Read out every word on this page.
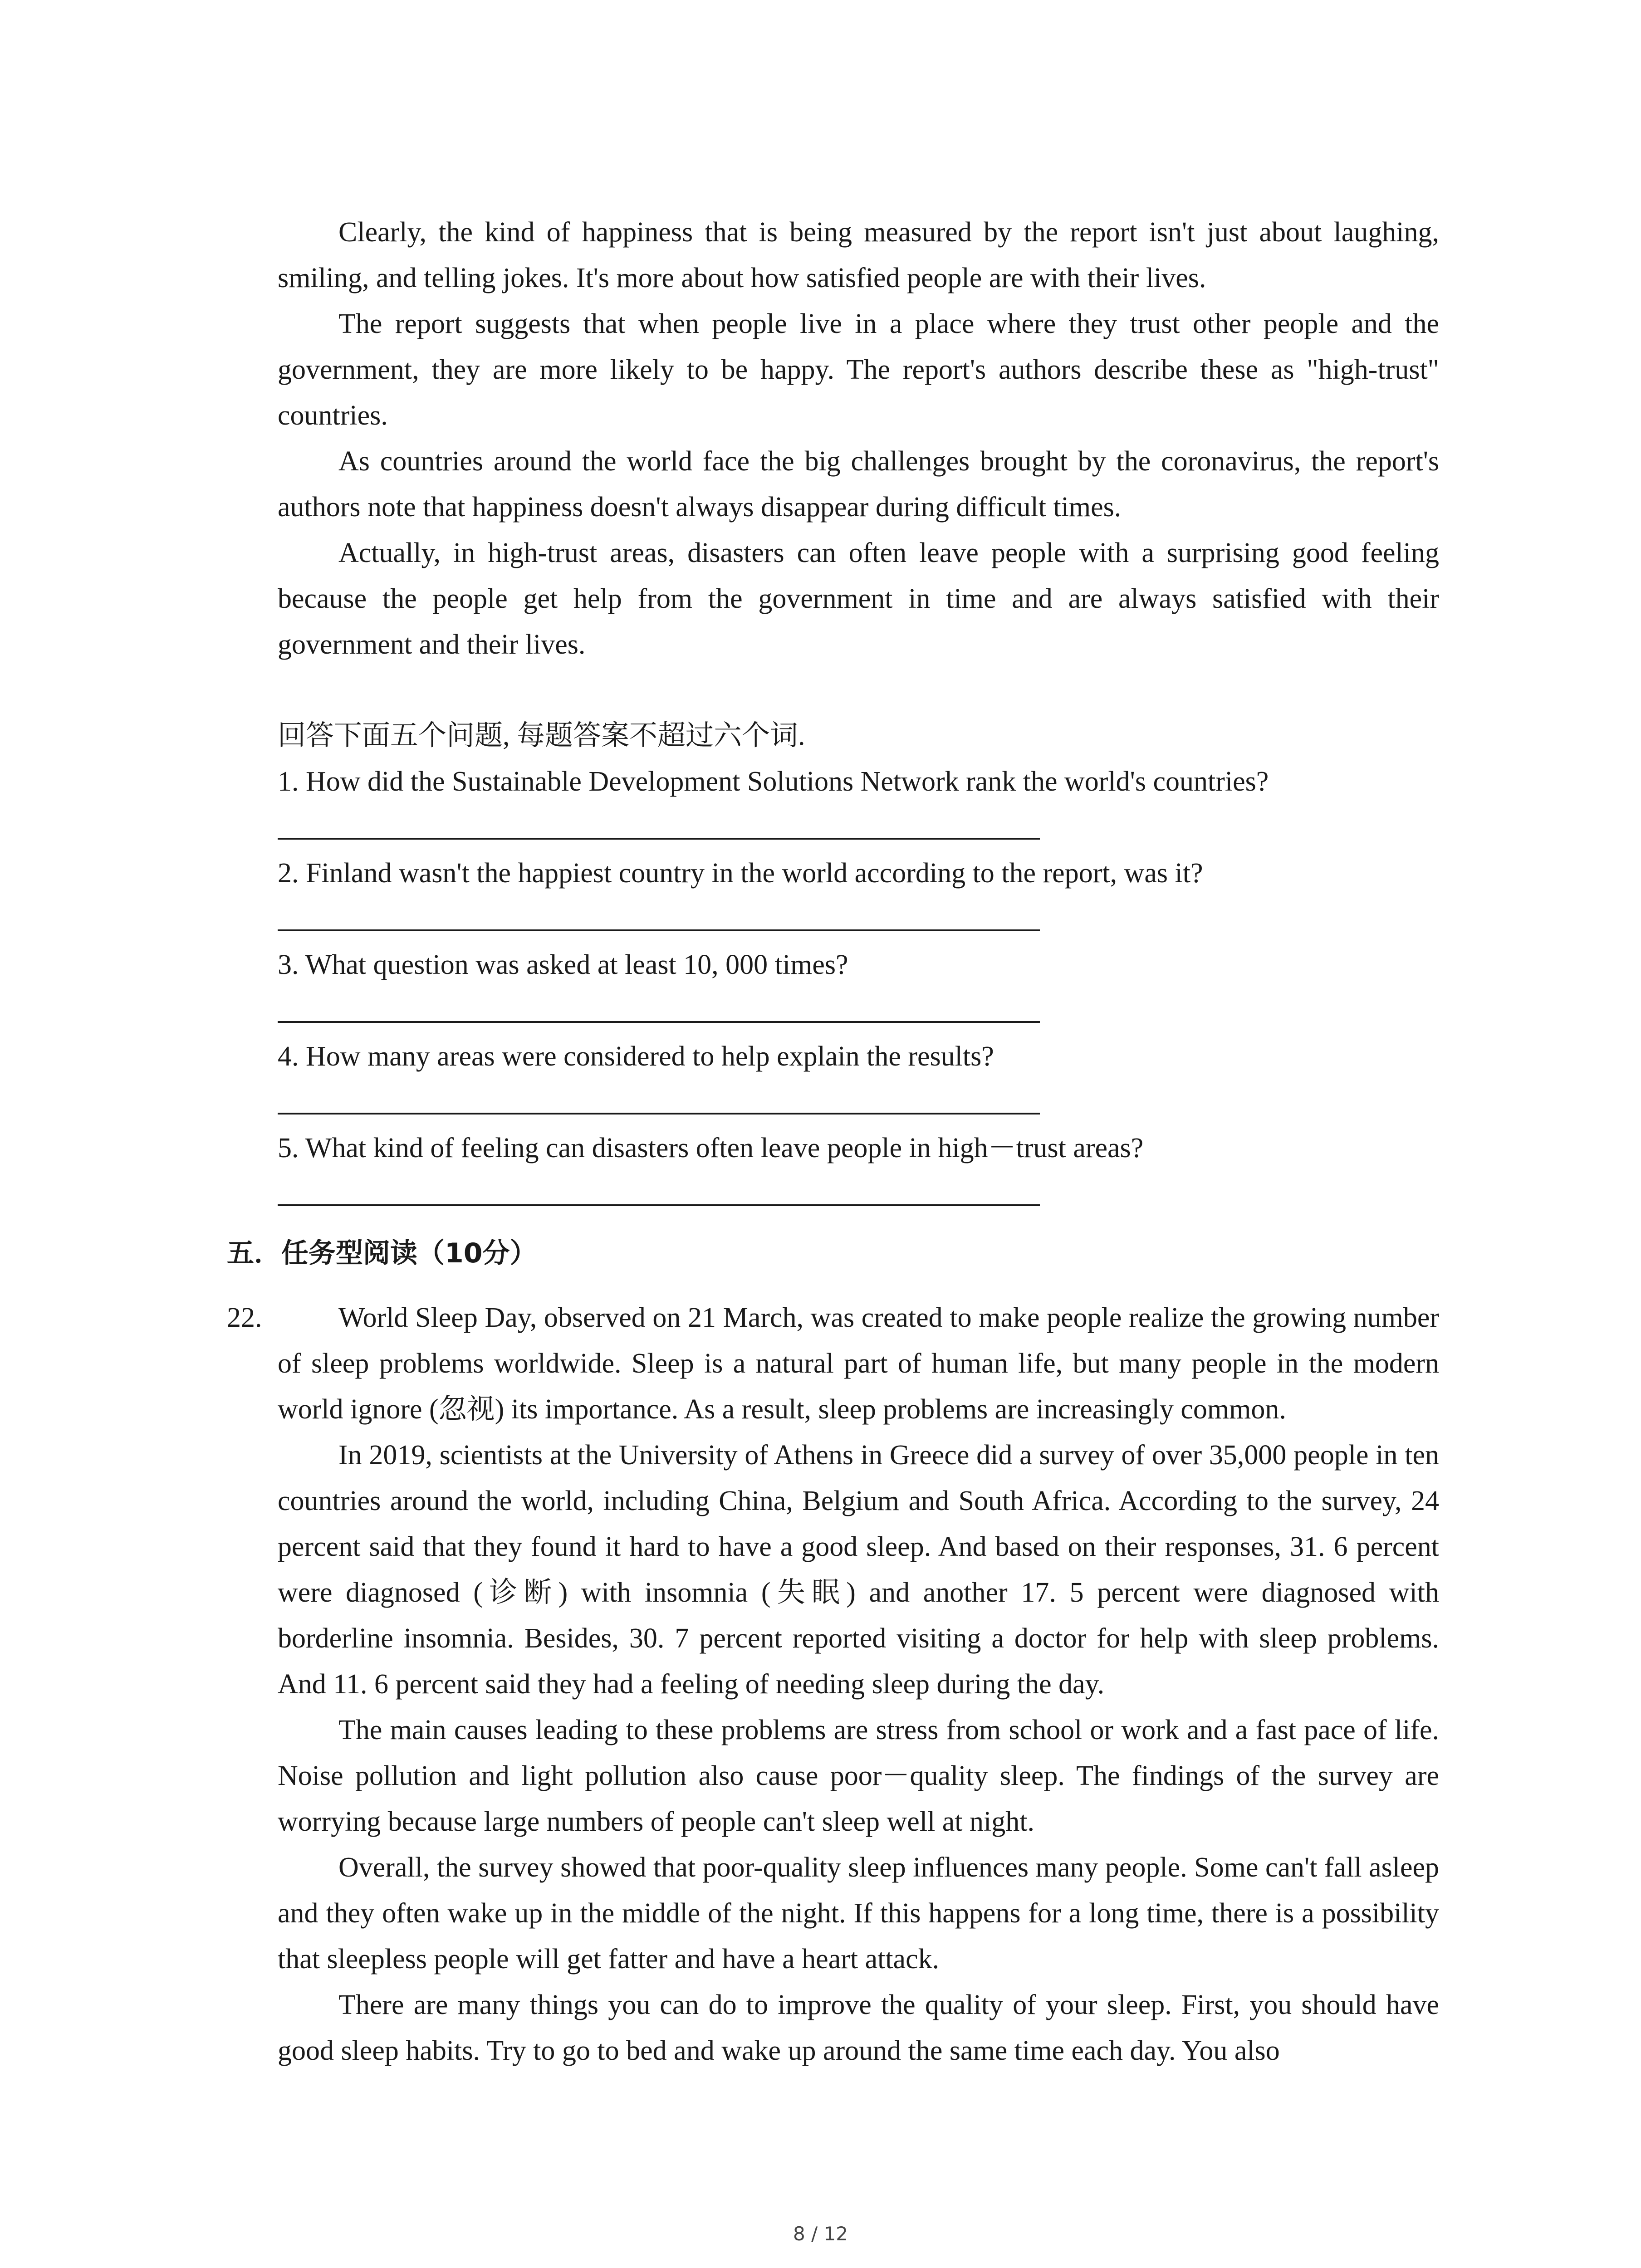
Clearly, the kind of happiness that is being measured by the report isn't just about laughing, smiling, and telling jokes. It's more about how satisfied people are with their lives.

The report suggests that when people live in a place where they trust other people and the government, they are more likely to be happy. The report's authors describe these as "high-trust" countries.

As countries around the world face the big challenges brought by the coronavirus, the report's authors note that happiness doesn't always disappear during difficult times.

Actually, in high-trust areas, disasters can often leave people with a surprising good feeling because the people get help from the government in time and are always satisfied with their government and their lives.

回答下面五个问题, 每题答案不超过六个词.

1. How did the Sustainable Development Solutions Network rank the world's countries?

2. Finland wasn't the happiest country in the world according to the report, was it?

3. What question was asked at least 10, 000 times?

4. How many areas were considered to help explain the results?

5. What kind of feeling can disasters often leave people in high－trust areas?

五．任务型阅读（10分）
22.	World Sleep Day, observed on 21 March, was created to make people realize the growing number of sleep problems worldwide. Sleep is a natural part of human life, but many people in the modern world ignore (忽视) its importance. As a result, sleep problems are increasingly common.

In 2019, scientists at the University of Athens in Greece did a survey of over 35,000 people in ten countries around the world, including China, Belgium and South Africa. According to the survey, 24 percent said that they found it hard to have a good sleep. And based on their responses, 31. 6 percent were diagnosed (诊断) with insomnia (失眠) and another 17. 5 percent were diagnosed with borderline insomnia. Besides, 30. 7 percent reported visiting a doctor for help with sleep problems. And 11. 6 percent said they had a feeling of needing sleep during the day.

The main causes leading to these problems are stress from school or work and a fast pace of life. Noise pollution and light pollution also cause poor－quality sleep. The findings of the survey are worrying because large numbers of people can't sleep well at night.

Overall, the survey showed that poor-quality sleep influences many people. Some can't fall asleep and they often wake up in the middle of the night. If this happens for a long time, there is a possibility that sleepless people will get fatter and have a heart attack.

There are many things you can do to improve the quality of your sleep. First, you should have good sleep habits. Try to go to bed and wake up around the same time each day. You also

8 / 12
